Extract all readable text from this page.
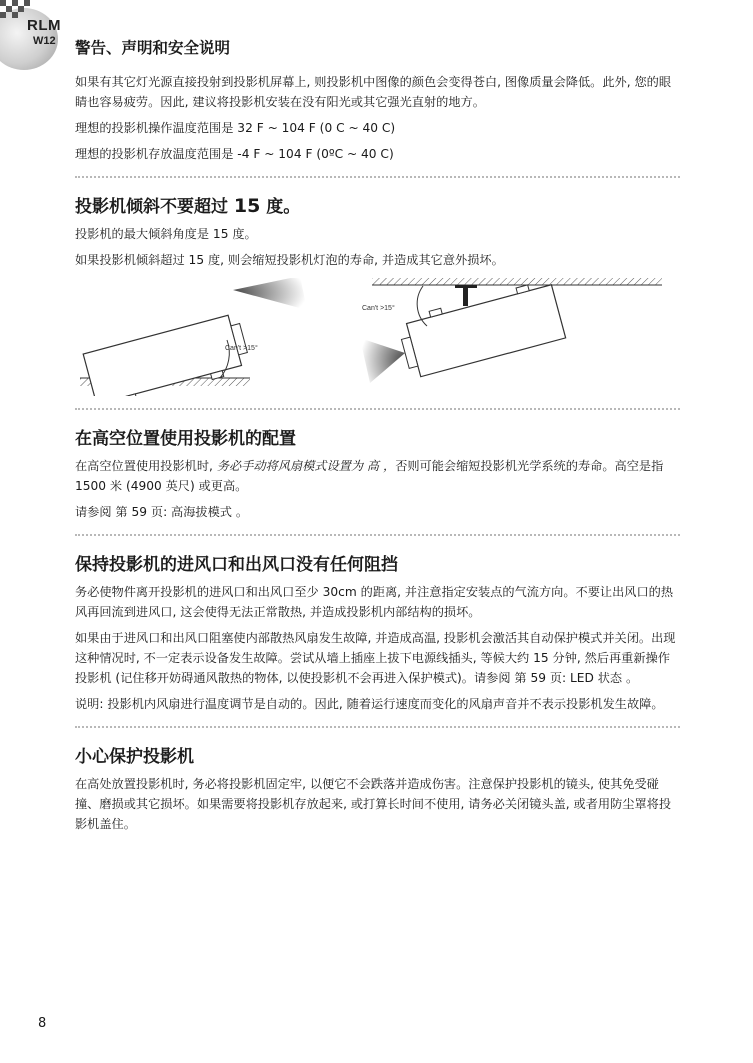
RLM
W12 警告、声明和安全说明

如果有其它灯光源直接投射到投影机屏幕上, 则投影机中图像的颜色会变得苍白, 图像质量会降低。此外, 您的眼睛也容易疲劳。因此, 建议将投影机安装在没有阳光或其它强光直射的地方。

理想的投影机操作温度范围是 32 F ~ 104 F (0 C ~ 40 C)

理想的投影机存放温度范围是 -4 F ~ 104 F (0ºC ~ 40 C)

投影机倾斜不要超过 15 度。

投影机的最大倾斜角度是 15 度。

如果投影机倾斜超过 15 度, 则会缩短投影机灯泡的寿命, 并造成其它意外损坏。

Can't >15°
Can't >15°
在高空位置使用投影机的配置

在高空位置使用投影机时, 务必手动将风扇模式设置为 高 ，否则可能会缩短投影机光学系统的寿命。高空是指 1500 米 (4900 英尺) 或更高。

请参阅 第 59 页: 高海拔模式 。

保持投影机的进风口和出风口没有任何阻挡

务必使物件离开投影机的进风口和出风口至少 30cm 的距离, 并注意指定安装点的气流方向。不要让出风口的热风再回流到进风口, 这会使得无法正常散热, 并造成投影机内部结构的损坏。

如果由于进风口和出风口阻塞使内部散热风扇发生故障, 并造成高温, 投影机会激活其自动保护模式并关闭。出现这种情况时, 不一定表示设备发生故障。尝试从墙上插座上拔下电源线插头, 等候大约 15 分钟, 然后再重新操作投影机 (记住移开妨碍通风散热的物体, 以使投影机不会再进入保护模式)。请参阅 第 59 页: LED 状态 。

说明: 投影机内风扇进行温度调节是自动的。因此, 随着运行速度而变化的风扇声音并不表示投影机发生故障。

小心保护投影机

在高处放置投影机时, 务必将投影机固定牢, 以便它不会跌落并造成伤害。注意保护投影机的镜头, 使其免受碰撞、磨损或其它损坏。如果需要将投影机存放起来, 或打算长时间不使用, 请务必关闭镜头盖, 或者用防尘罩将投影机盖住。

8
